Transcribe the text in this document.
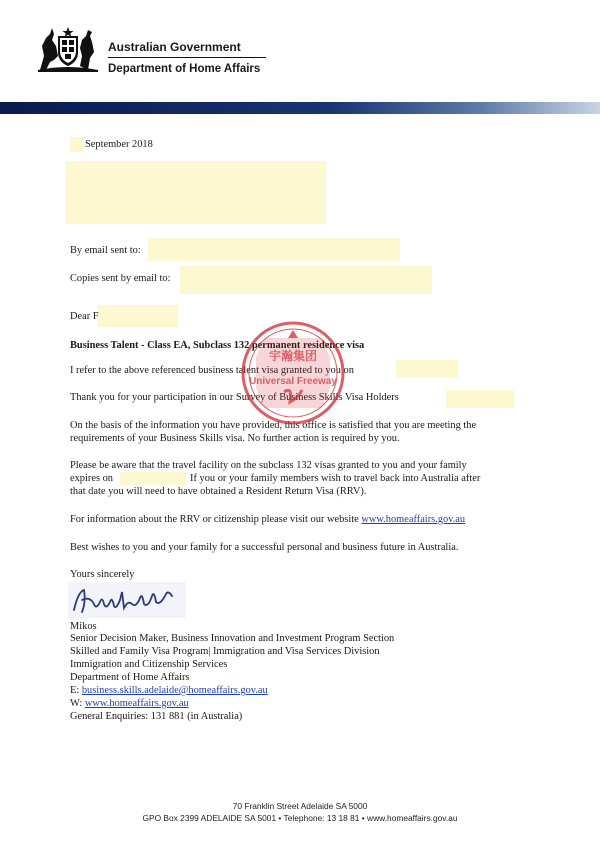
Australian Government
Department of Home Affairs
September 2018
By email sent to:
Copies sent by email to:
Dear F
Business Talent - Class EA, Subclass 132 permanent residence visa
I refer to the above referenced business talent visa granted to you on
Thank you for your participation in our Survey of Business Skills Visa Holders
On the basis of the information you have provided, this office is satisfied that you are meeting the
requirements of your Business Skills visa. No further action is required by you.
Please be aware that the travel facility on the subclass 132 visas granted to you and your family
expires on	If you or your family members wish to travel back into Australia after
that date you will need to have obtained a Resident Return Visa (RRV).
For information about the RRV or citizenship please visit our website www.homeaffairs.gov.au
Best wishes to you and your family for a successful personal and business future in Australia.
Yours sincerely
Mikos
Senior Decision Maker, Business Innovation and Investment Program Section
Skilled and Family Visa Program| Immigration and Visa Services Division
Immigration and Citizenship Services
Department of Home Affairs
E: business.skills.adelaide@homeaffairs.gov.au
W: www.homeaffairs.gov.au
General Enquiries: 131 881 (in Australia)
宇瀚集团
Universal Freeway
70 Franklin Street Adelaide SA 5000
GPO Box 2399 ADELAIDE SA 5001 • Telephone: 13 18 81 • www.homeaffairs.gov.au
